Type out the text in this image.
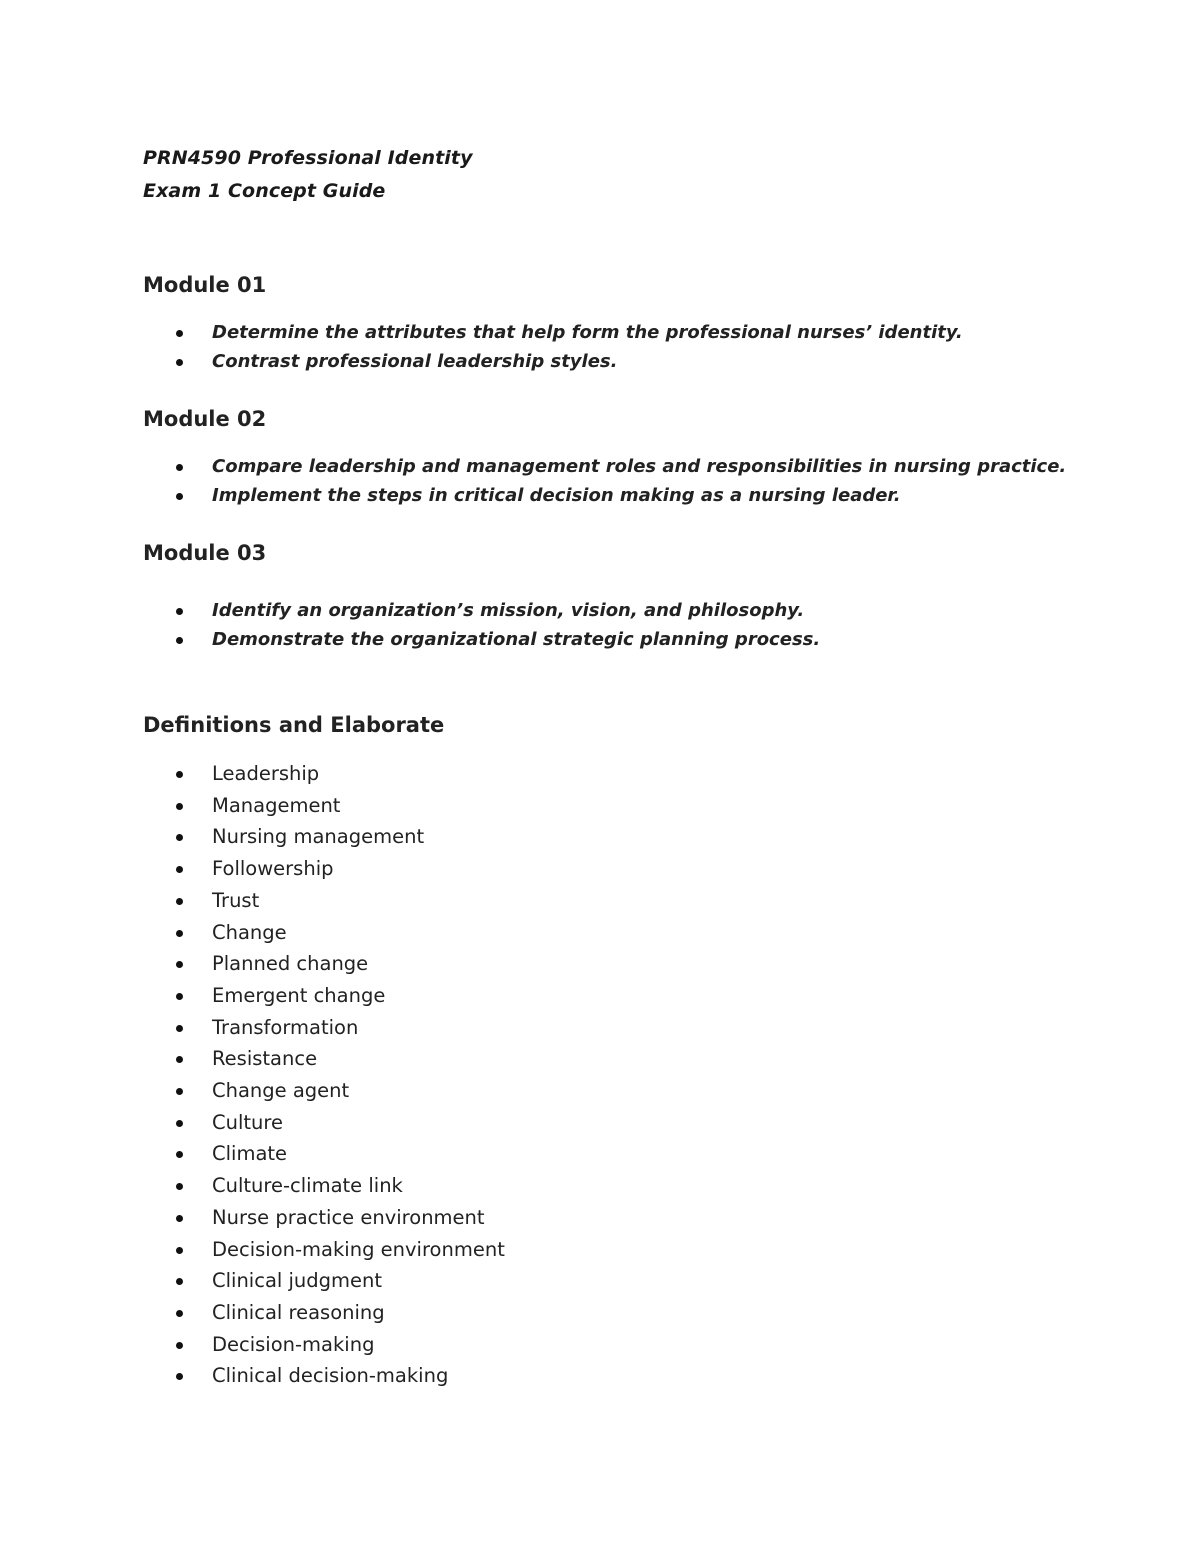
PRN4590 Professional Identity
Exam 1 Concept Guide
Module 01
Determine the attributes that help form the professional nurses’ identity.
Contrast professional leadership styles.
Module 02
Compare leadership and management roles and responsibilities in nursing practice.
Implement the steps in critical decision making as a nursing leader.
Module 03
Identify an organization’s mission, vision, and philosophy.
Demonstrate the organizational strategic planning process.
Definitions and Elaborate
Leadership
Management
Nursing management
Followership
Trust
Change
Planned change
Emergent change
Transformation
Resistance
Change agent
Culture
Climate
Culture-climate link
Nurse practice environment
Decision-making environment
Clinical judgment
Clinical reasoning
Decision-making
Clinical decision-making
